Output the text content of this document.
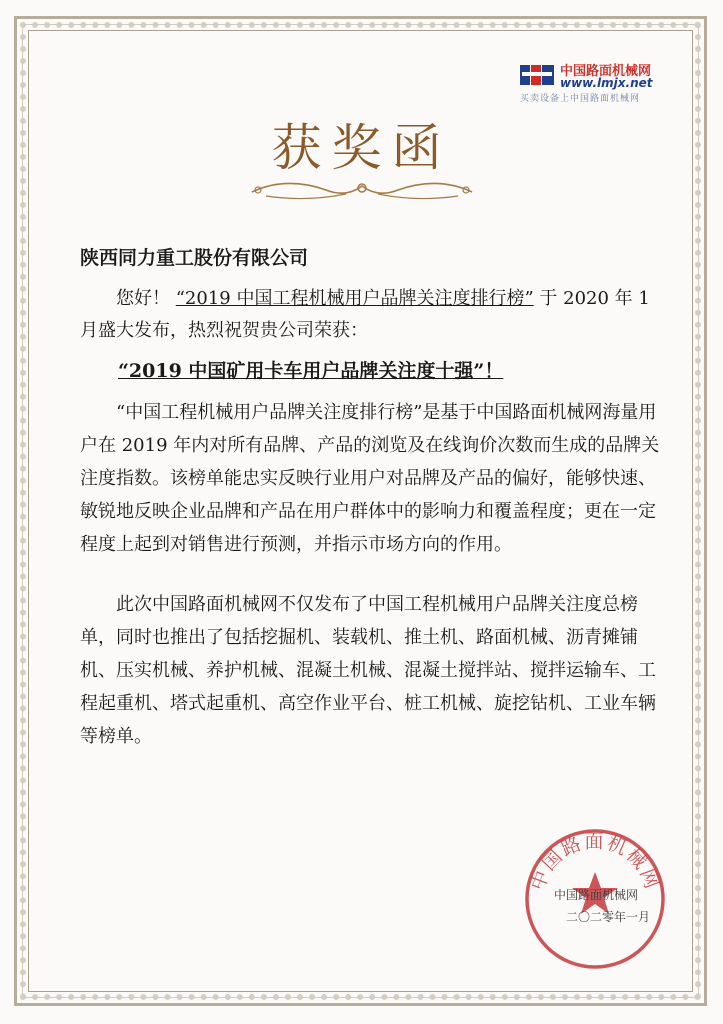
中国路面机械网
www.lmjx.net
买卖设备上中国路面机械网
获奖函
陕西同力重工股份有限公司
您好！ “2019 中国工程机械用户品牌关注度排行榜” 于 2020 年 1 月盛大发布，热烈祝贺贵公司荣获：
“2019 中国矿用卡车用户品牌关注度十强”！
“中国工程机械用户品牌关注度排行榜”是基于中国路面机械网海量用户在 2019 年内对所有品牌、产品的浏览及在线询价次数而生成的品牌关注度指数。该榜单能忠实反映行业用户对品牌及产品的偏好，能够快速、敏锐地反映企业品牌和产品在用户群体中的影响力和覆盖程度；更在一定程度上起到对销售进行预测，并指示市场方向的作用。
此次中国路面机械网不仅发布了中国工程机械用户品牌关注度总榜单，同时也推出了包括挖掘机、装载机、推土机、路面机械、沥青摊铺机、压实机械、养护机械、混凝土机械、混凝土搅拌站、搅拌运输车、工程起重机、塔式起重机、高空作业平台、桩工机械、旋挖钻机、工业车辆等榜单。
中国路面机械网
中国路面机械网
二〇二零年一月
